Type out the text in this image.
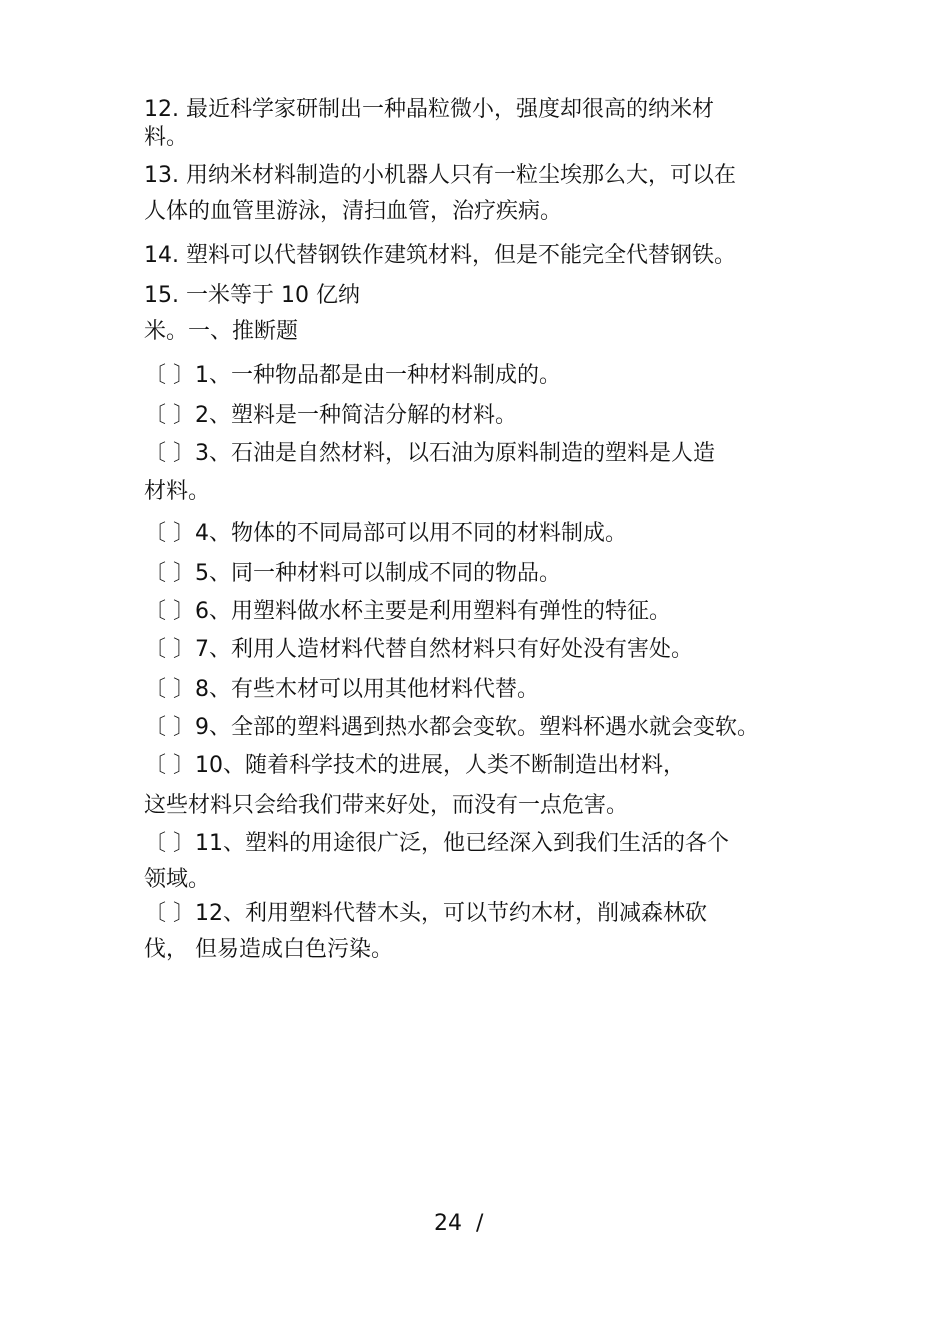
12. 最近科学家研制出一种晶粒微小，强度却很高的纳米材

料。

13. 用纳米材料制造的小机器人只有一粒尘埃那么大，可以在

人体的血管里游泳，清扫血管，治疗疾病。

14. 塑料可以代替钢铁作建筑材料，但是不能完全代替钢铁。

15. 一米等于 10 亿纳

米。一、推断题

〔 〕1、一种物品都是由一种材料制成的。

〔 〕2、塑料是一种简洁分解的材料。

〔 〕3、石油是自然材料，以石油为原料制造的塑料是人造

材料。

〔 〕4、物体的不同局部可以用不同的材料制成。

〔 〕5、同一种材料可以制成不同的物品。

〔 〕6、用塑料做水杯主要是利用塑料有弹性的特征。

〔 〕7、利用人造材料代替自然材料只有好处没有害处。

〔 〕8、有些木材可以用其他材料代替。

〔 〕9、全部的塑料遇到热水都会变软。塑料杯遇水就会变软。

〔 〕10、随着科学技术的进展，人类不断制造出材料，

这些材料只会给我们带来好处，而没有一点危害。

〔 〕11、塑料的用途很广泛，他已经深入到我们生活的各个

领域。

〔 〕12、利用塑料代替木头，可以节约木材，削减森林砍

伐， 但易造成白色污染。

24  /
